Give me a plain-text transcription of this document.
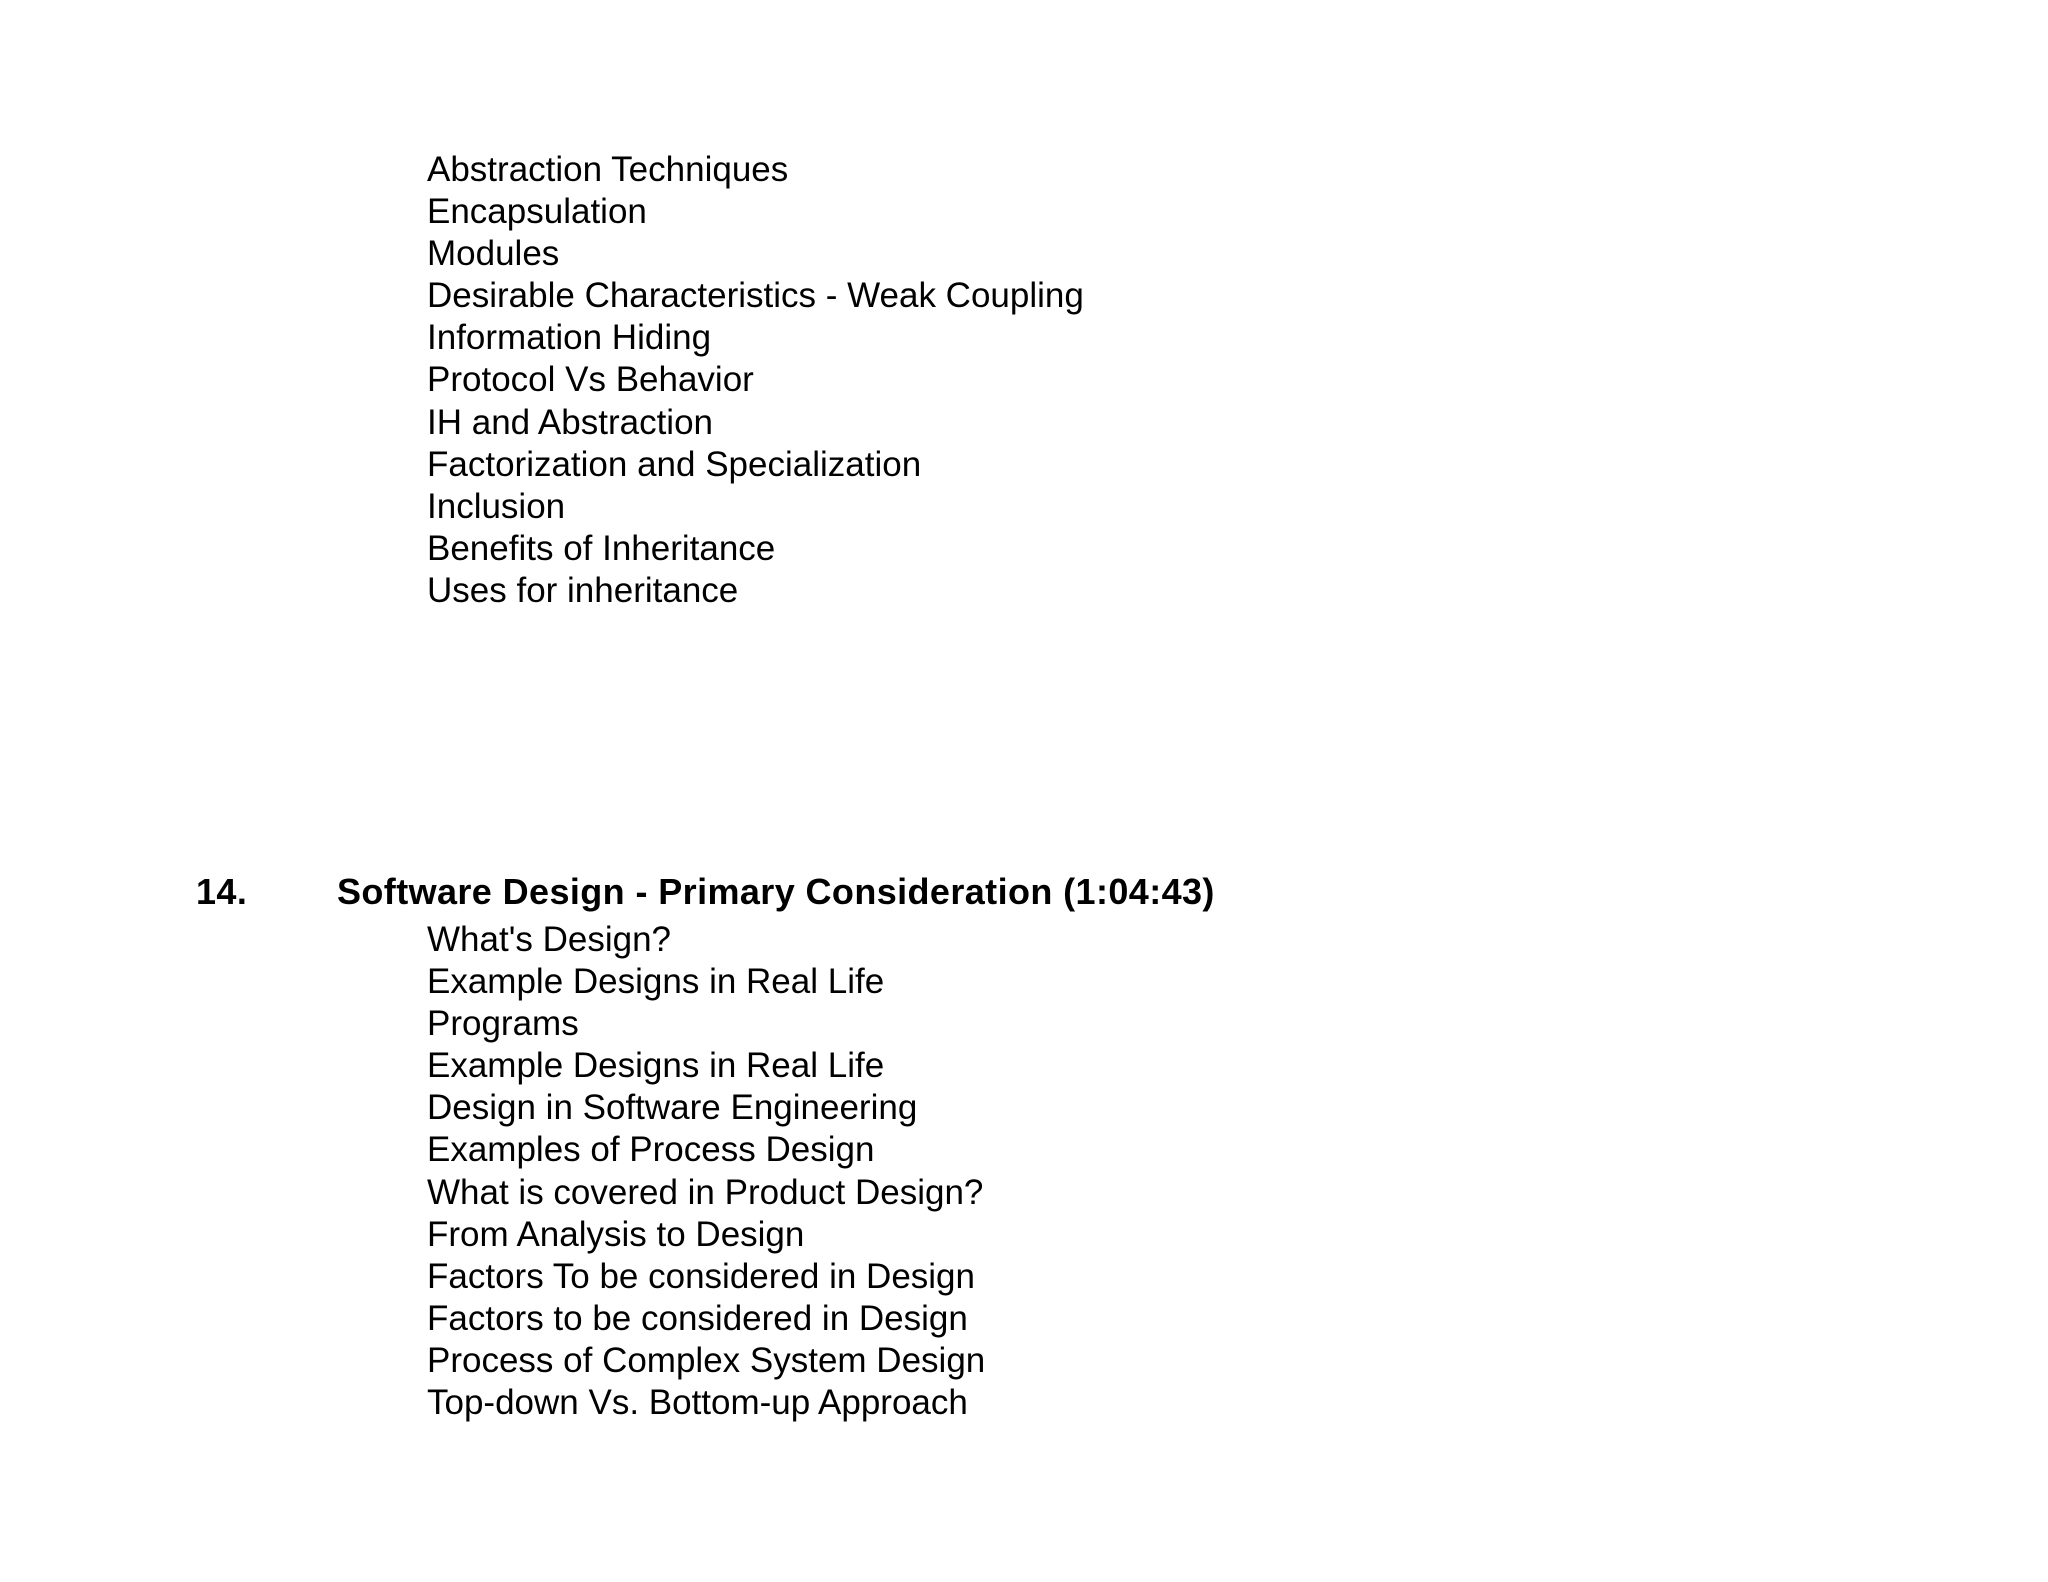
Abstraction Techniques
Encapsulation
Modules
Desirable Characteristics - Weak Coupling
Information Hiding
Protocol Vs Behavior
IH and Abstraction
Factorization and Specialization
Inclusion
Benefits of Inheritance
Uses for inheritance
14. Software Design - Primary Consideration (1:04:43)
What's Design?
Example Designs in Real Life
Programs
Example Designs in Real Life
Design in Software Engineering
Examples of Process Design
What is covered in Product Design?
From Analysis to Design
Factors To be considered in Design
Factors to be considered in Design
Process of Complex System Design
Top-down Vs. Bottom-up Approach
